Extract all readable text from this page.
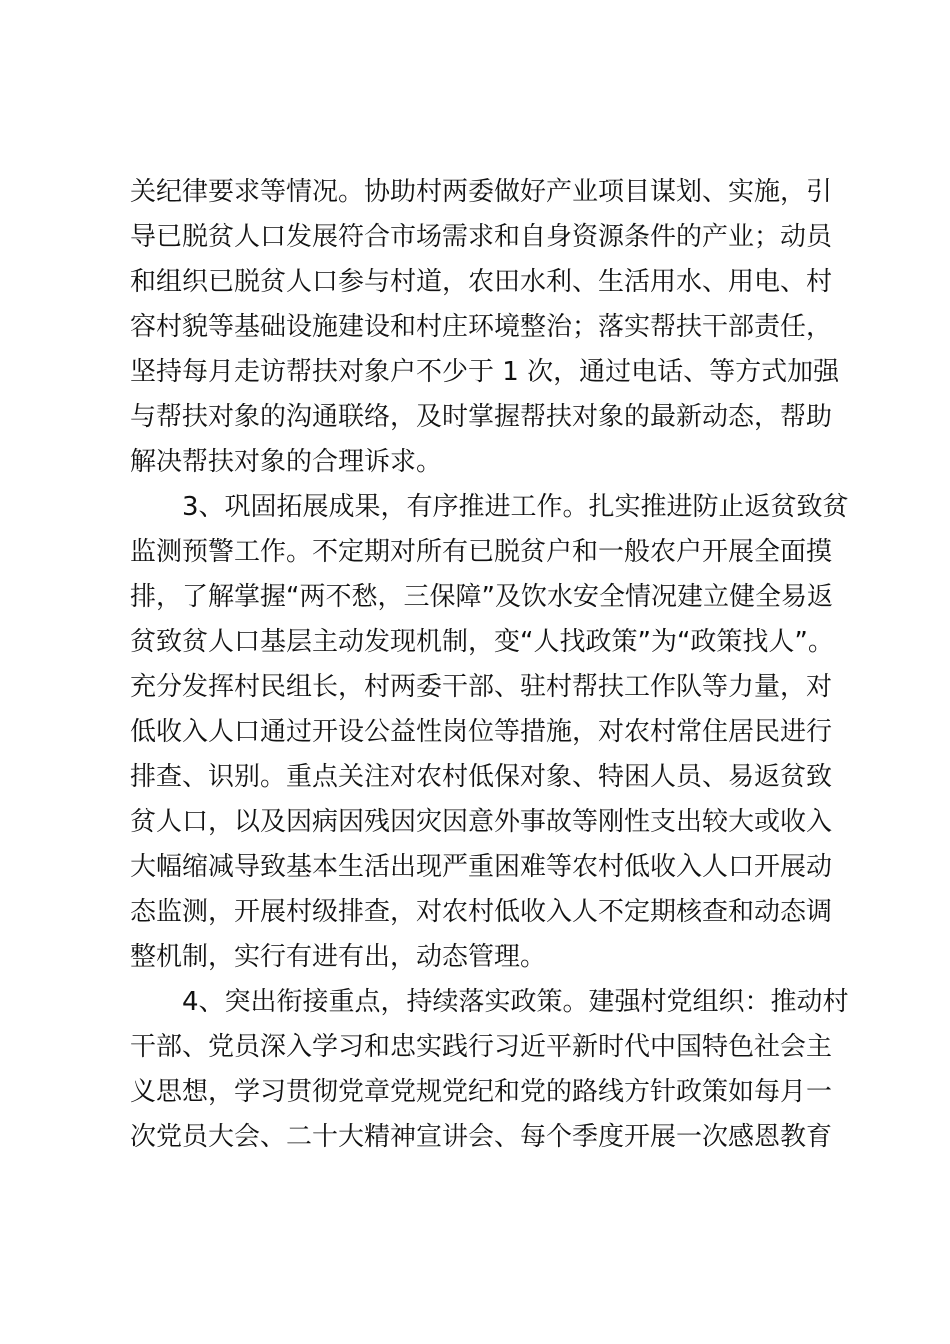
关纪律要求等情况。协助村两委做好产业项目谋划、实施，引
导已脱贫人口发展符合市场需求和自身资源条件的产业；动员
和组织已脱贫人口参与村道，农田水利、生活用水、用电、村
容村貌等基础设施建设和村庄环境整治；落实帮扶干部责任，
坚持每月走访帮扶对象户不少于 1 次，通过电话、等方式加强
与帮扶对象的沟通联络，及时掌握帮扶对象的最新动态，帮助
解决帮扶对象的合理诉求。
　　3、巩固拓展成果，有序推进工作。扎实推进防止返贫致贫
监测预警工作。不定期对所有已脱贫户和一般农户开展全面摸
排，了解掌握“两不愁，三保障”及饮水安全情况建立健全易返
贫致贫人口基层主动发现机制，变“人找政策”为“政策找人”。
充分发挥村民组长，村两委干部、驻村帮扶工作队等力量，对
低收入人口通过开设公益性岗位等措施，对农村常住居民进行
排查、识别。重点关注对农村低保对象、特困人员、易返贫致
贫人口，以及因病因残因灾因意外事故等刚性支出较大或收入
大幅缩减导致基本生活出现严重困难等农村低收入人口开展动
态监测，开展村级排查，对农村低收入人不定期核查和动态调
整机制，实行有进有出，动态管理。
　　4、突出衔接重点，持续落实政策。建强村党组织：推动村
干部、党员深入学习和忠实践行习近平新时代中国特色社会主
义思想，学习贯彻党章党规党纪和党的路线方针政策如每月一
次党员大会、二十大精神宣讲会、每个季度开展一次感恩教育
